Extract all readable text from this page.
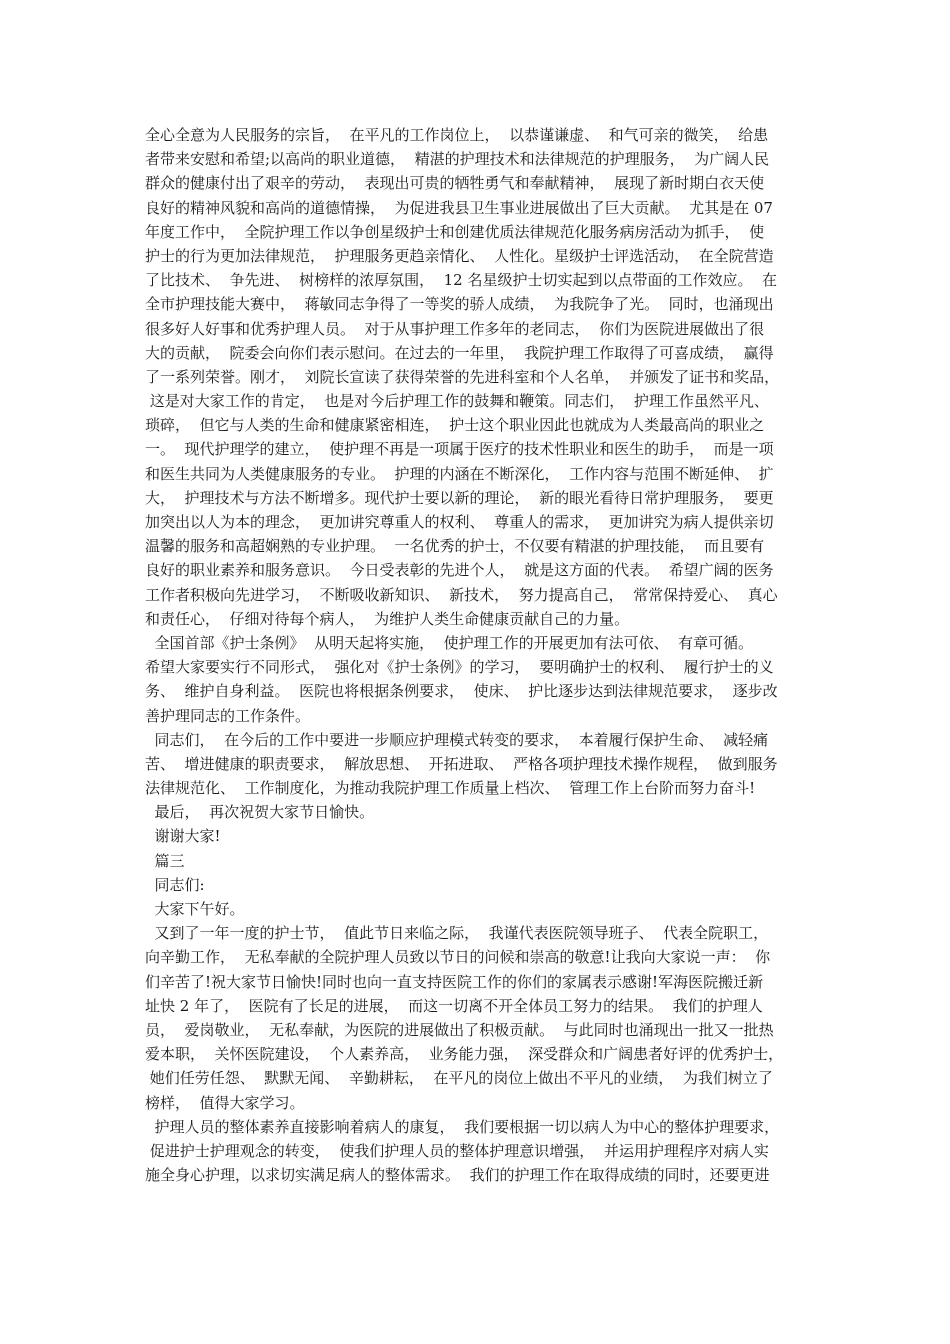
全心全意为人民服务的宗旨，  在平凡的工作岗位上，  以恭谨谦虚、  和气可亲的微笑，  给患
者带来安慰和希望;以高尚的职业道德，  精湛的护理技术和法律规范的护理服务，  为广阔人民
群众的健康付出了艰辛的劳动，  表现出可贵的牺牲勇气和奉献精神，  展现了新时期白衣天使
良好的精神风貌和高尚的道德情操，  为促进我县卫生事业进展做出了巨大贡献。  尤其是在 07
年度工作中，  全院护理工作以争创星级护士和创建优质法律规范化服务病房活动为抓手，  使
护士的行为更加法律规范，  护理服务更趋亲情化、  人性化。星级护士评选活动，  在全院营造
了比技术、  争先进、  树榜样的浓厚氛围，  12 名星级护士切实起到以点带面的工作效应。  在
全市护理技能大赛中，  蒋敏同志争得了一等奖的骄人成绩，  为我院争了光。  同时，也涌现出
很多好人好事和优秀护理人员。  对于从事护理工作多年的老同志，  你们为医院进展做出了很
大的贡献，  院委会向你们表示慰问。在过去的一年里，  我院护理工作取得了可喜成绩，  赢得
了一系列荣誉。刚才，  刘院长宣读了获得荣誉的先进科室和个人名单，  并颁发了证书和奖品，
这是对大家工作的肯定，  也是对今后护理工作的鼓舞和鞭策。同志们，  护理工作虽然平凡、
琐碎，  但它与人类的生命和健康紧密相连，  护士这个职业因此也就成为人类最高尚的职业之
一。  现代护理学的建立，  使护理不再是一项属于医疗的技术性职业和医生的助手，  而是一项
和医生共同为人类健康服务的专业。  护理的内涵在不断深化，  工作内容与范围不断延伸、  扩
大，  护理技术与方法不断增多。现代护士要以新的理论，  新的眼光看待日常护理服务，  要更
加突出以人为本的理念，  更加讲究尊重人的权利、  尊重人的需求，  更加讲究为病人提供亲切
温馨的服务和高超娴熟的专业护理。  一名优秀的护士，不仅要有精湛的护理技能，  而且要有
良好的职业素养和服务意识。  今日受表彰的先进个人，  就是这方面的代表。  希望广阔的医务
工作者积极向先进学习，  不断吸收新知识、  新技术，  努力提高自己，  常常保持爱心、  真心
和责任心，  仔细对待每个病人，  为维护人类生命健康贡献自己的力量。
全国首部《护士条例》  从明天起将实施，  使护理工作的开展更加有法可依、  有章可循。
希望大家要实行不同形式，  强化对《护士条例》的学习，  要明确护士的权利、  履行护士的义
务、  维护自身利益。  医院也将根据条例要求，  使床、  护比逐步达到法律规范要求，  逐步改
善护理同志的工作条件。
同志们，  在今后的工作中要进一步顺应护理模式转变的要求，  本着履行保护生命、  减轻痛
苦、  增进健康的职责要求，  解放思想、  开拓进取、  严格各项护理技术操作规程，  做到服务
法律规范化、  工作制度化，为推动我院护理工作质量上档次、  管理工作上台阶而努力奋斗!
最后，  再次祝贺大家节日愉快。
谢谢大家!
篇三
同志们:
大家下午好。
又到了一年一度的护士节，  值此节日来临之际，  我谨代表医院领导班子、  代表全院职工，
向辛勤工作，  无私奉献的全院护理人员致以节日的问候和崇高的敬意!让我向大家说一声：  你
们辛苦了!祝大家节日愉快!同时也向一直支持医院工作的你们的家属表示感谢!军海医院搬迁新
址快 2 年了，  医院有了长足的进展，  而这一切离不开全体员工努力的结果。  我们的护理人
员，  爱岗敬业，  无私奉献，为医院的进展做出了积极贡献。  与此同时也涌现出一批又一批热
爱本职，  关怀医院建设，  个人素养高，  业务能力强，  深受群众和广阔患者好评的优秀护士，
她们任劳任怨、  默默无闻、  辛勤耕耘，  在平凡的岗位上做出不平凡的业绩，  为我们树立了
榜样，  值得大家学习。
护理人员的整体素养直接影响着病人的康复，  我们要根据一切以病人为中心的整体护理要求，
促进护士护理观念的转变，  使我们护理人员的整体护理意识增强，  并运用护理程序对病人实
施全身心护理，以求切实满足病人的整体需求。  我们的护理工作在取得成绩的同时，还要更进
